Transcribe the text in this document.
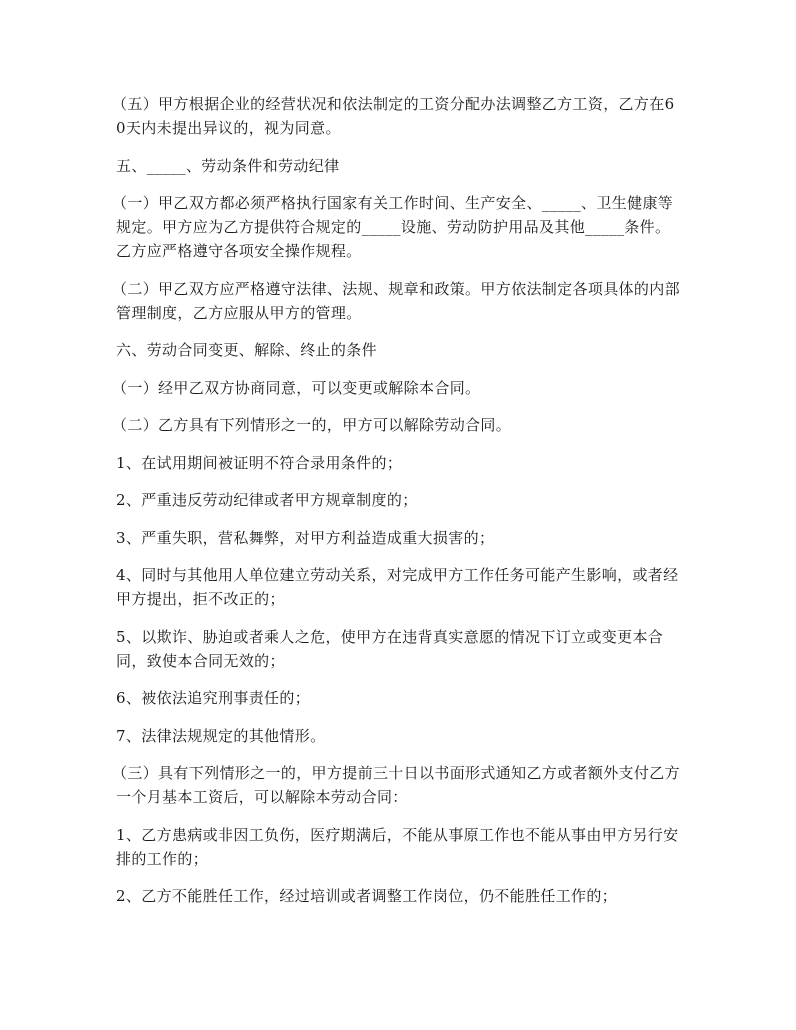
（五）甲方根据企业的经营状况和依法制定的工资分配办法调整乙方工资，乙方在60天内未提出异议的，视为同意。

五、_____、劳动条件和劳动纪律

（一）甲乙双方都必须严格执行国家有关工作时间、生产安全、_____、卫生健康等规定。甲方应为乙方提供符合规定的_____设施、劳动防护用品及其他_____条件。乙方应严格遵守各项安全操作规程。

（二）甲乙双方应严格遵守法律、法规、规章和政策。甲方依法制定各项具体的内部管理制度，乙方应服从甲方的管理。

六、劳动合同变更、解除、终止的条件

（一）经甲乙双方协商同意，可以变更或解除本合同。

（二）乙方具有下列情形之一的，甲方可以解除劳动合同。

1、在试用期间被证明不符合录用条件的；

2、严重违反劳动纪律或者甲方规章制度的；

3、严重失职，营私舞弊，对甲方利益造成重大损害的；

4、同时与其他用人单位建立劳动关系，对完成甲方工作任务可能产生影响，或者经甲方提出，拒不改正的；

5、以欺诈、胁迫或者乘人之危，使甲方在违背真实意愿的情况下订立或变更本合同，致使本合同无效的；

6、被依法追究刑事责任的；

7、法律法规规定的其他情形。

（三）具有下列情形之一的，甲方提前三十日以书面形式通知乙方或者额外支付乙方一个月基本工资后，可以解除本劳动合同：

1、乙方患病或非因工负伤，医疗期满后，不能从事原工作也不能从事由甲方另行安排的工作的；

2、乙方不能胜任工作，经过培训或者调整工作岗位，仍不能胜任工作的；
